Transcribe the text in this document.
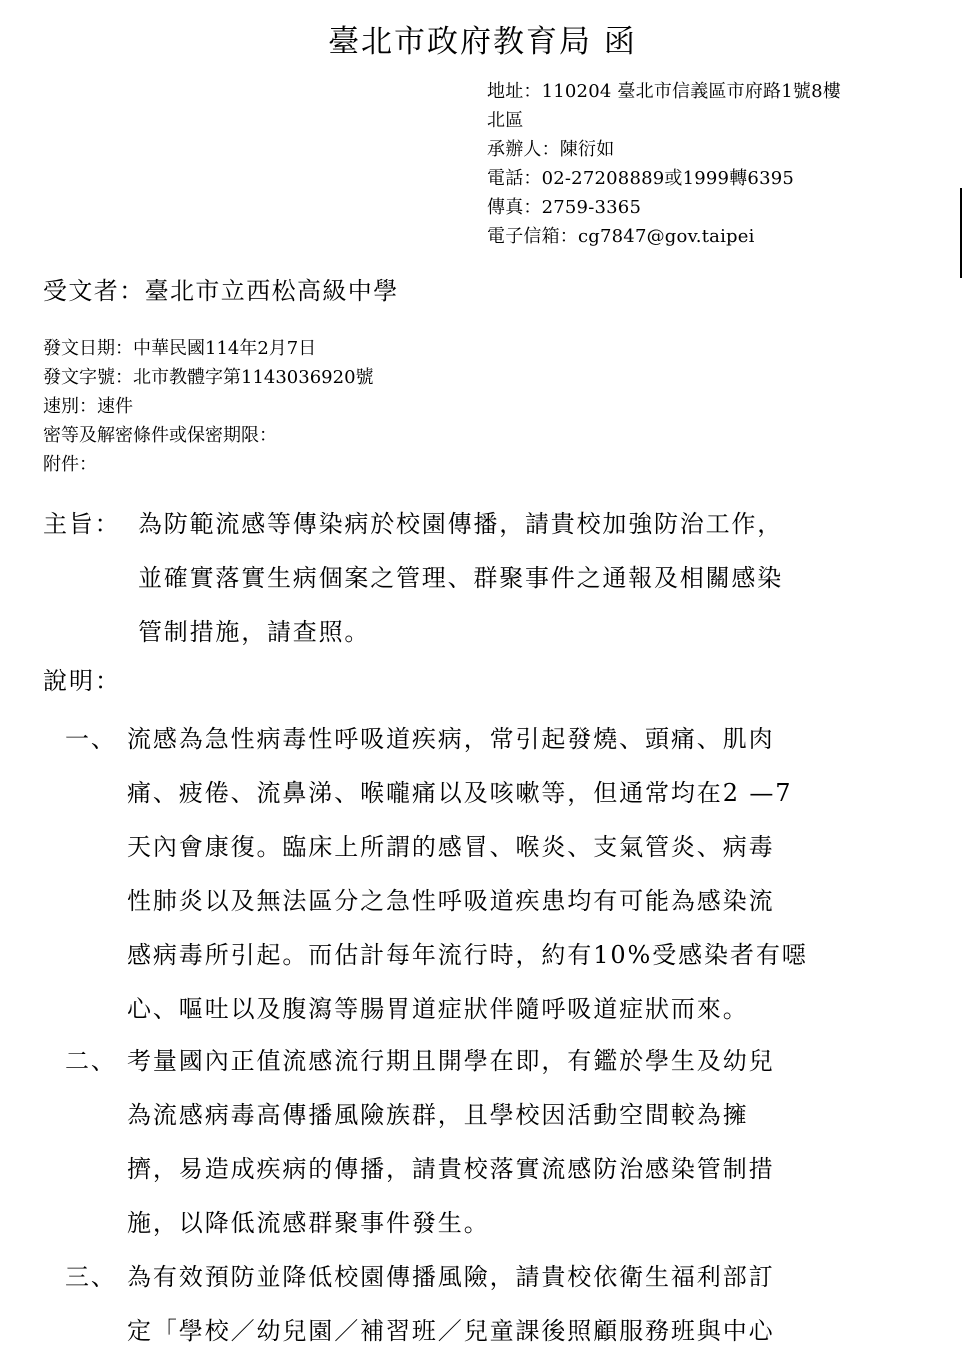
臺北市政府教育局 函
地址：110204 臺北市信義區市府路1號8樓
北區
承辦人：陳衍如
電話：02-27208889或1999轉6395
傳真：2759-3365
電子信箱：cg7847@gov.taipei
受文者：臺北市立西松高級中學
發文日期：中華民國114年2月7日
發文字號：北市教體字第1143036920號
速別：速件
密等及解密條件或保密期限：
附件：
主旨： 為防範流感等傳染病於校園傳播，請貴校加強防治工作，
並確實落實生病個案之管理、群聚事件之通報及相關感染
管制措施，請查照。
說明：
一、 流感為急性病毒性呼吸道疾病，常引起發燒、頭痛、肌肉
痛、疲倦、流鼻涕、喉嚨痛以及咳嗽等，但通常均在2 —7
天內會康復。臨床上所謂的感冒、喉炎、支氣管炎、病毒
性肺炎以及無法區分之急性呼吸道疾患均有可能為感染流
感病毒所引起。而估計每年流行時，約有10%受感染者有噁
心、嘔吐以及腹瀉等腸胃道症狀伴隨呼吸道症狀而來。
二、 考量國內正值流感流行期且開學在即，有鑑於學生及幼兒
為流感病毒高傳播風險族群，且學校因活動空間較為擁
擠，易造成疾病的傳播，請貴校落實流感防治感染管制措
施，以降低流感群聚事件發生。
三、 為有效預防並降低校園傳播風險，請貴校依衛生福利部訂
定「學校／幼兒園／補習班／兒童課後照顧服務班與中心
